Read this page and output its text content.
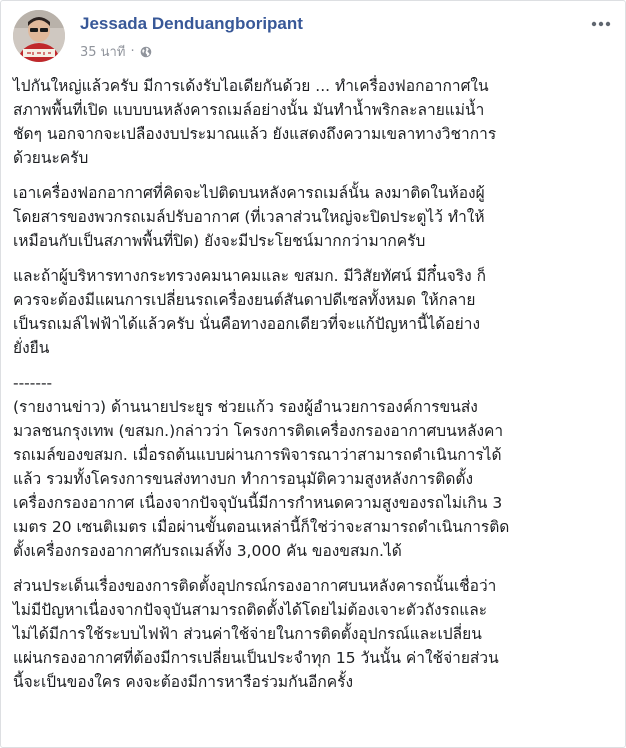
Jessada Denduangboripant
35 นาที ·

ไปกันใหญ่แล้วครับ มีการเด้งรับไอเดียกันด้วย ... ทำเครื่องฟอกอากาศใน
สภาพพื้นที่เปิด แบบบนหลังคารถเมล์อย่างนั้น มันทำน้ำพริกละลายแม่น้ำ
ชัดๆ นอกจากจะเปลืองงบประมาณแล้ว ยังแสดงถึงความเขลาทางวิชาการ
ด้วยนะครับ

เอาเครื่องฟอกอากาศที่คิดจะไปติดบนหลังคารถเมล์นั้น ลงมาติดในห้องผู้
โดยสารของพวกรถเมล์ปรับอากาศ (ที่เวลาส่วนใหญ่จะปิดประตูไว้ ทำให้
เหมือนกับเป็นสภาพพื้นที่ปิด) ยังจะมีประโยชน์มากกว่ามากครับ

และถ้าผู้บริหารทางกระทรวงคมนาคมและ ขสมก. มีวิสัยทัศน์ มีกึ๋นจริง ก็
ควรจะต้องมีแผนการเปลี่ยนรถเครื่องยนต์สันดาปดีเซลทั้งหมด ให้กลาย
เป็นรถเมล์ไฟฟ้าได้แล้วครับ นั่นคือทางออกเดียวที่จะแก้ปัญหานี้ได้อย่าง
ยั่งยืน

-------
(รายงานข่าว) ด้านนายประยูร ช่วยแก้ว รองผู้อำนวยการองค์การขนส่ง
มวลชนกรุงเทพ (ขสมก.)กล่าวว่า โครงการติดเครื่องกรองอากาศบนหลังคา
รถเมล์ของขสมก. เมื่อรถต้นแบบผ่านการพิจารณาว่าสามารถดำเนินการได้
แล้ว รวมทั้งโครงการขนส่งทางบก ทำการอนุมัติความสูงหลังการติดตั้ง
เครื่องกรองอากาศ เนื่องจากปัจจุบันนี้มีการกำหนดความสูงของรถไม่เกิน 3
เมตร 20 เซนติเมตร เมื่อผ่านขั้นตอนเหล่านี้ก็ใช่ว่าจะสามารถดำเนินการติด
ตั้งเครื่องกรองอากาศกับรถเมล์ทั้ง 3,000 คัน ของขสมก.ได้

ส่วนประเด็นเรื่องของการติดตั้งอุปกรณ์กรองอากาศบนหลังคารถนั้นเชื่อว่า
ไม่มีปัญหาเนื่องจากปัจจุบันสามารถติดตั้งได้โดยไม่ต้องเจาะตัวถังรถและ
ไม่ได้มีการใช้ระบบไฟฟ้า ส่วนค่าใช้จ่ายในการติดตั้งอุปกรณ์และเปลี่ยน
แผ่นกรองอากาศที่ต้องมีการเปลี่ยนเป็นประจำทุก 15 วันนั้น ค่าใช้จ่ายส่วน
นี้จะเป็นของใคร คงจะต้องมีการหารือร่วมกันอีกครั้ง
